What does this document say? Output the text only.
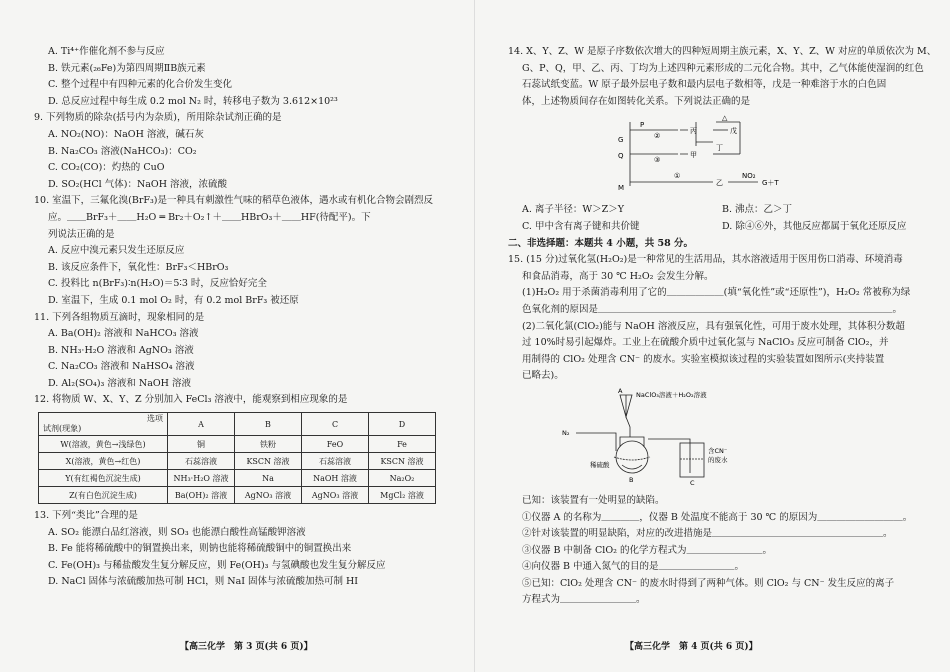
A. Ti⁴⁺作催化剂不参与反应
B. 铁元素(₂₆Fe)为第四周期ⅡB族元素
C. 整个过程中有四种元素的化合价发生变化
D. 总反应过程中每生成 0.2 mol N₂ 时，转移电子数为 3.612×10²³
9. 下列物质的除杂(括号内为杂质)，所用除杂试剂正确的是
A. NO₂(NO)：NaOH 溶液，碱石灰
B. Na₂CO₃ 溶液(NaHCO₃)：CO₂
C. CO₂(CO)：灼热的 CuO
D. SO₂(HCl 气体)：NaOH 溶液，浓硫酸
10. 室温下，三氟化溴(BrF₃)是一种具有刺激性气味的稻草色液体，遇水或有机化合物会剧烈反
应。＿＿BrF₃＋＿＿H₂O ═ Br₂＋O₂↑＋＿＿HBrO₃＋＿＿HF(待配平)。下
列说法正确的是
A. 反应中溴元素只发生还原反应
B. 该反应条件下，氧化性：BrF₃＜HBrO₃
C. 投料比 n(BrF₃)∶n(H₂O)＝5∶3 时，反应恰好完全
D. 室温下，生成 0.1 mol O₂ 时，有 0.2 mol BrF₃ 被还原
11. 下列各组物质互滴时，现象相同的是
A. Ba(OH)₂ 溶液和 NaHCO₃ 溶液
B. NH₃·H₂O 溶液和 AgNO₃ 溶液
C. Na₂CO₃ 溶液和 NaHSO₄ 溶液
D. Al₂(SO₄)₃ 溶液和 NaOH 溶液
12. 将物质 W、X、Y、Z 分别加入 FeCl₃ 溶液中，能观察到相应现象的是
选项
试剂(现象)	A	B	C	D
W(溶液，黄色→浅绿色)	铜	铁粉	FeO	Fe
X(溶液，黄色→红色)	石蕊溶液	KSCN 溶液	石蕊溶液	KSCN 溶液
Y(有红褐色沉淀生成)	NH₃·H₂O 溶液	Na	NaOH 溶液	Na₂O₂
Z(有白色沉淀生成)	Ba(OH)₂ 溶液	AgNO₃ 溶液	AgNO₃ 溶液	MgCl₂ 溶液
13. 下列“类比”合理的是
A. SO₂ 能漂白品红溶液，则 SO₃ 也能漂白酸性高锰酸钾溶液
B. Fe 能将稀硫酸中的铜置换出来，则钠也能将稀硫酸铜中的铜置换出来
C. Fe(OH)₃ 与稀盐酸发生复分解反应，则 Fe(OH)₃ 与氢碘酸也发生复分解反应
D. NaCl 固体与浓硫酸加热可制 HCl，则 NaI 固体与浓硫酸加热可制 HI
【高三化学　第 3 页(共 6 页)】
14. X、Y、Z、W 是原子序数依次增大的四种短周期主族元素，X、Y、Z、W 对应的单质依次为 M、
G、P、Q，甲、乙、丙、丁均为上述四种元素形成的二元化合物。其中，乙气体能使湿润的红色
石蕊试纸变蓝。W 原子最外层电子数和最内层电子数相等，戊是一种难溶于水的白色固
体，上述物质间存在如图转化关系。下列说法正确的是
P
②
丙
△
戊
G
③
甲
丁
Q
M
①
乙
NO₂
G＋T
A. 离子半径：W＞Z＞Y	B. 沸点：乙＞丁
C. 甲中含有离子键和共价键	D. 除④⑥外，其他反应都属于氧化还原反应
二、非选择题：本题共 4 小题，共 58 分。
15. (15 分)过氧化氢(H₂O₂)是一种常见的生活用品，其水溶液适用于医用伤口消毒、环境消毒
和食品消毒，高于 30 ℃ H₂O₂ 会发生分解。
(1)H₂O₂ 用于杀菌消毒利用了它的＿＿＿＿＿＿(填“氧化性”或“还原性”)，H₂O₂ 常被称为绿
色氧化剂的原因是＿＿＿＿＿＿＿＿＿＿＿＿＿＿＿＿＿＿＿＿＿＿＿＿＿＿＿＿＿＿＿。
(2)二氧化氯(ClO₂)能与 NaOH 溶液反应，具有强氧化性，可用于废水处理，其体积分数超
过 10%时易引起爆炸。工业上在硫酸介质中过氧化氢与 NaClO₃ 反应可制备 ClO₂，并
用制得的 ClO₂ 处理含 CN⁻ 的废水。实验室模拟该过程的实验装置如图所示(夹持装置
已略去)。
A NaClO₃溶液＋H₂O₂溶液
N₂
稀硫酸
B	C
含CN⁻
的废水
已知：该装置有一处明显的缺陷。
①仪器 A 的名称为＿＿＿＿，仪器 B 处温度不能高于 30 ℃ 的原因为＿＿＿＿＿＿＿＿＿。
②针对该装置的明显缺陷，对应的改进措施是＿＿＿＿＿＿＿＿＿＿＿＿＿＿＿＿＿＿。
③仪器 B 中制备 ClO₂ 的化学方程式为＿＿＿＿＿＿＿＿。
④向仪器 B 中通入氮气的目的是＿＿＿＿＿＿＿＿。
⑤已知：ClO₂ 处理含 CN⁻ 的废水时得到了两种气体。则 ClO₂ 与 CN⁻ 发生反应的离子
方程式为＿＿＿＿＿＿＿＿。
【高三化学　第 4 页(共 6 页)】
